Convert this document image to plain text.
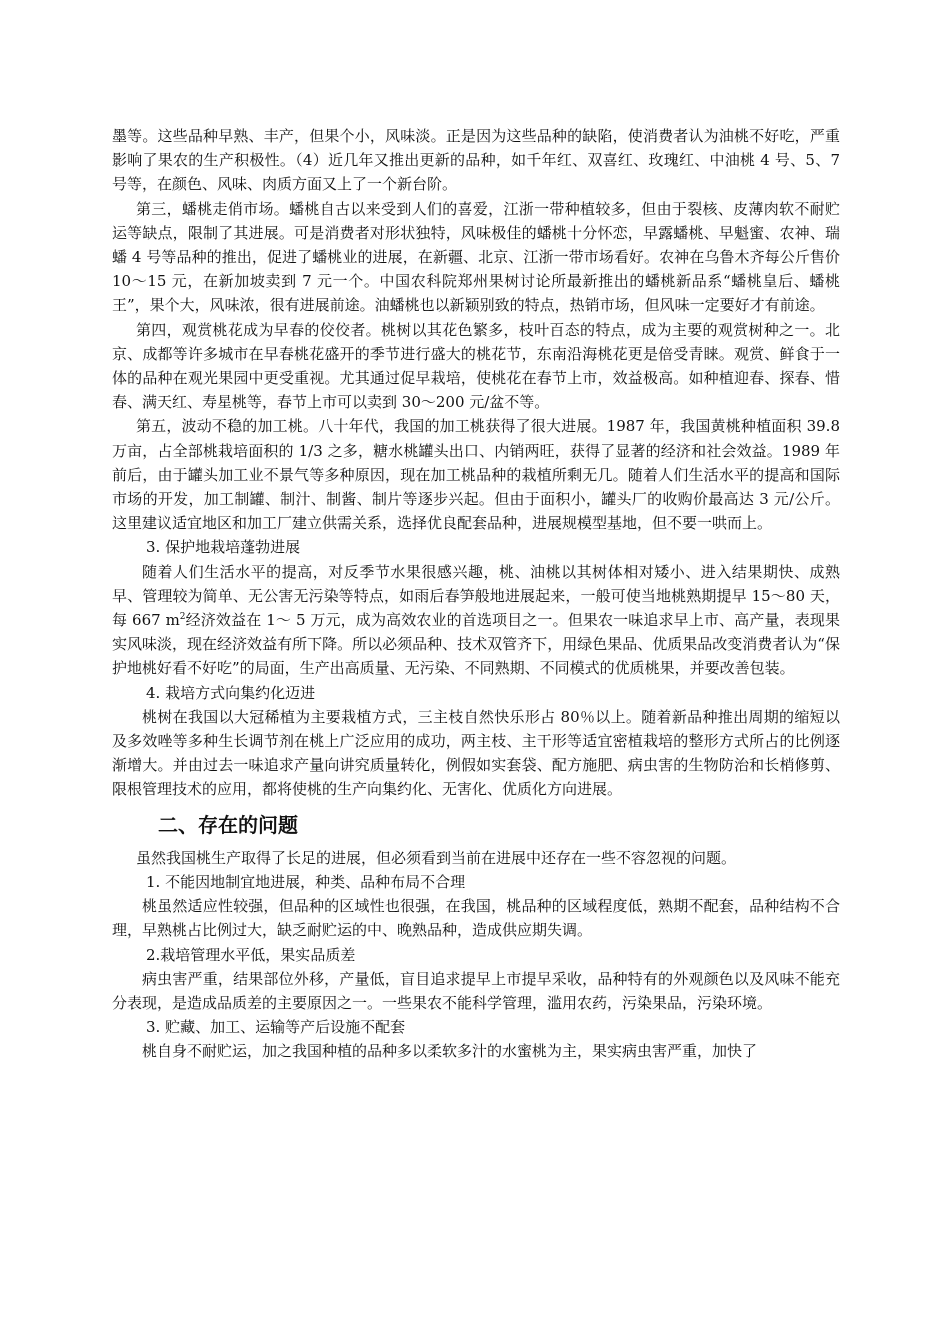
墨等。这些品种早熟、丰产，但果个小，风味淡。正是因为这些品种的缺陷，使消费者认为油桃不好吃，严重影响了果农的生产积极性。（4）近几年又推出更新的品种，如千年红、双喜红、玫瑰红、中油桃 4 号、5、7 号等，在颜色、风味、肉质方面又上了一个新台阶。

第三，蟠桃走俏市场。蟠桃自古以来受到人们的喜爱，江浙一带种植较多，但由于裂核、皮薄肉软不耐贮运等缺点，限制了其进展。可是消费者对形状独特，风味极佳的蟠桃十分怀恋，早露蟠桃、早魁蜜、农神、瑞蟠 4 号等品种的推出，促进了蟠桃业的进展，在新疆、北京、江浙一带市场看好。农神在乌鲁木齐每公斤售价 10～15 元，在新加坡卖到 7 元一个。中国农科院郑州果树讨论所最新推出的蟠桃新品系“蟠桃皇后、蟠桃王”，果个大，风味浓，很有进展前途。油蟠桃也以新颖别致的特点，热销市场，但风味一定要好才有前途。

第四，观赏桃花成为早春的佼佼者。桃树以其花色繁多，枝叶百态的特点，成为主要的观赏树种之一。北京、成都等许多城市在早春桃花盛开的季节进行盛大的桃花节，东南沿海桃花更是倍受青睐。观赏、鲜食于一体的品种在观光果园中更受重视。尤其通过促早栽培，使桃花在春节上市，效益极高。如种植迎春、探春、惜春、满天红、寿星桃等，春节上市可以卖到 30～200 元/盆不等。

第五，波动不稳的加工桃。八十年代，我国的加工桃获得了很大进展。1987 年，我国黄桃种植面积 39.8 万亩，占全部桃栽培面积的 1/3 之多，糖水桃罐头出口、内销两旺，获得了显著的经济和社会效益。1989 年前后，由于罐头加工业不景气等多种原因，现在加工桃品种的栽植所剩无几。随着人们生活水平的提高和国际市场的开发，加工制罐、制汁、制酱、制片等逐步兴起。但由于面积小，罐头厂的收购价最高达 3 元/公斤。这里建议适宜地区和加工厂建立供需关系，选择优良配套品种，进展规模型基地，但不要一哄而上。

3. 保护地栽培蓬勃进展

随着人们生活水平的提高，对反季节水果很感兴趣，桃、油桃以其树体相对矮小、进入结果期快、成熟早、管理较为简单、无公害无污染等特点，如雨后春笋般地进展起来，一般可使当地桃熟期提早 15～80 天，每 667 $m^2$经济效益在 1～ 5 万元，成为高效农业的首选项目之一。但果农一味追求早上市、高产量，表现果实风味淡，现在经济效益有所下降。所以必须品种、技术双管齐下，用绿色果品、优质果品改变消费者认为“保护地桃好看不好吃”的局面，生产出高质量、无污染、不同熟期、不同模式的优质桃果，并要改善包装。

4. 栽培方式向集约化迈进

桃树在我国以大冠稀植为主要栽植方式，三主枝自然快乐形占 80％以上。随着新品种推出周期的缩短以及多效唑等多种生长调节剂在桃上广泛应用的成功，两主枝、主干形等适宜密植栽培的整形方式所占的比例逐渐增大。并由过去一味追求产量向讲究质量转化，例假如实套袋、配方施肥、病虫害的生物防治和长梢修剪、限根管理技术的应用，都将使桃的生产向集约化、无害化、优质化方向进展。

二、存在的问题

虽然我国桃生产取得了长足的进展，但必须看到当前在进展中还存在一些不容忽视的问题。

1. 不能因地制宜地进展，种类、品种布局不合理

桃虽然适应性较强，但品种的区域性也很强，在我国，桃品种的区域程度低，熟期不配套，品种结构不合理，早熟桃占比例过大，缺乏耐贮运的中、晚熟品种，造成供应期失调。

2.栽培管理水平低，果实品质差

病虫害严重，结果部位外移，产量低，盲目追求提早上市提早采收，品种特有的外观颜色以及风味不能充分表现，是造成品质差的主要原因之一。一些果农不能科学管理，滥用农药，污染果品，污染环境。

3. 贮藏、加工、运输等产后设施不配套

桃自身不耐贮运，加之我国种植的品种多以柔软多汁的水蜜桃为主，果实病虫害严重，加快了
